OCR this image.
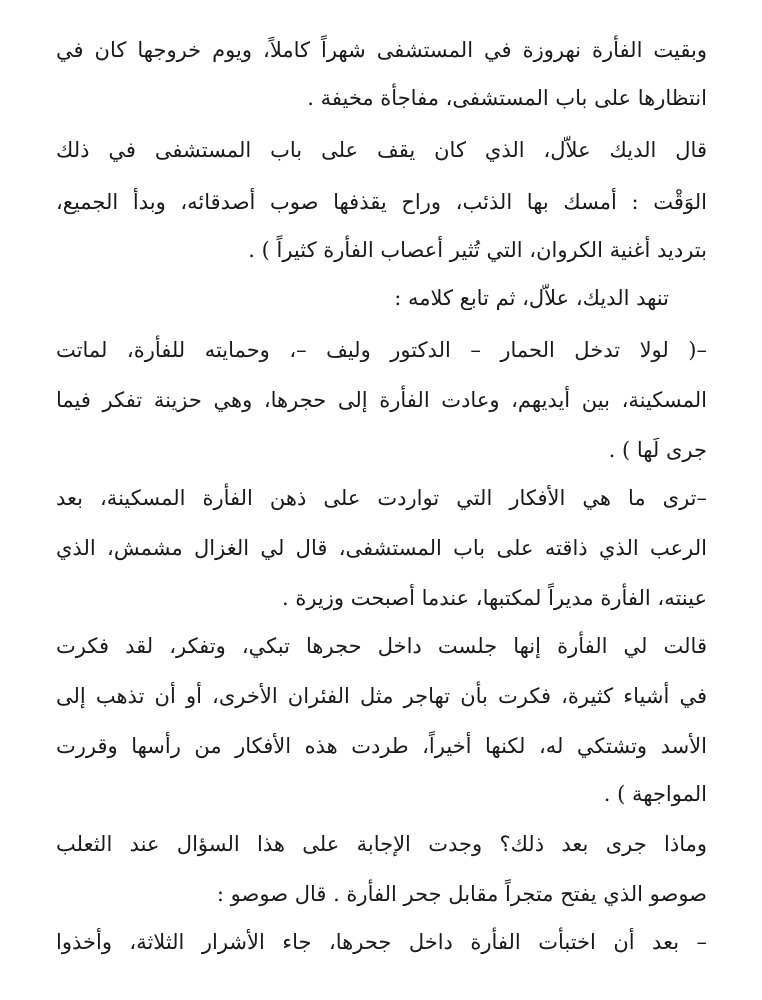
وبقيت الفأرة نهروزة في المستشفى شهراً كاملاً، ويوم خروجها كان في
انتظارها على باب المستشفى، مفاجأة مخيفة .
قال الديك علاّل، الذي كان يقف على باب المستشفى في ذلك
الوَقْت : أمسك بها الذئب، وراح يقذفها صوب أصدقائه، وبدأ الجميع،
بترديد أغنية الكروان، التي تُثير أعصاب الفأرة كثيراً ) .
تنهد الديك، علاّل، ثم تابع كلامه :
–( لولا تدخل الحمار – الدكتور وليف –، وحمايته للفأرة، لماتت
المسكينة، بين أيديهم، وعادت الفأرة إلى حجرها، وهي حزينة تفكر فيما
جرى لَها ) .
–ترى ما هي الأفكار التي تواردت على ذهن الفأرة المسكينة، بعد
الرعب الذي ذاقته على باب المستشفى، قال لي الغزال مشمش، الذي
عينته، الفأرة مديراً لمكتبها، عندما أصبحت وزيرة .
قالت لي الفأرة إنها جلست داخل حجرها تبكي، وتفكر، لقد فكرت
في أشياء كثيرة، فكرت بأن تهاجر مثل الفئران الأخرى، أو أن تذهب إلى
الأسد وتشتكي له، لكنها أخيراً، طردت هذه الأفكار من رأسها وقررت
المواجهة ) .
وماذا جرى بعد ذلك؟ وجدت الإجابة على هذا السؤال عند الثعلب
صوصو الذي يفتح متجراً مقابل جحر الفأرة . قال صوصو :
– بعد أن اختبأت الفأرة داخل جحرها، جاء الأشرار الثلاثة، وأخذوا
